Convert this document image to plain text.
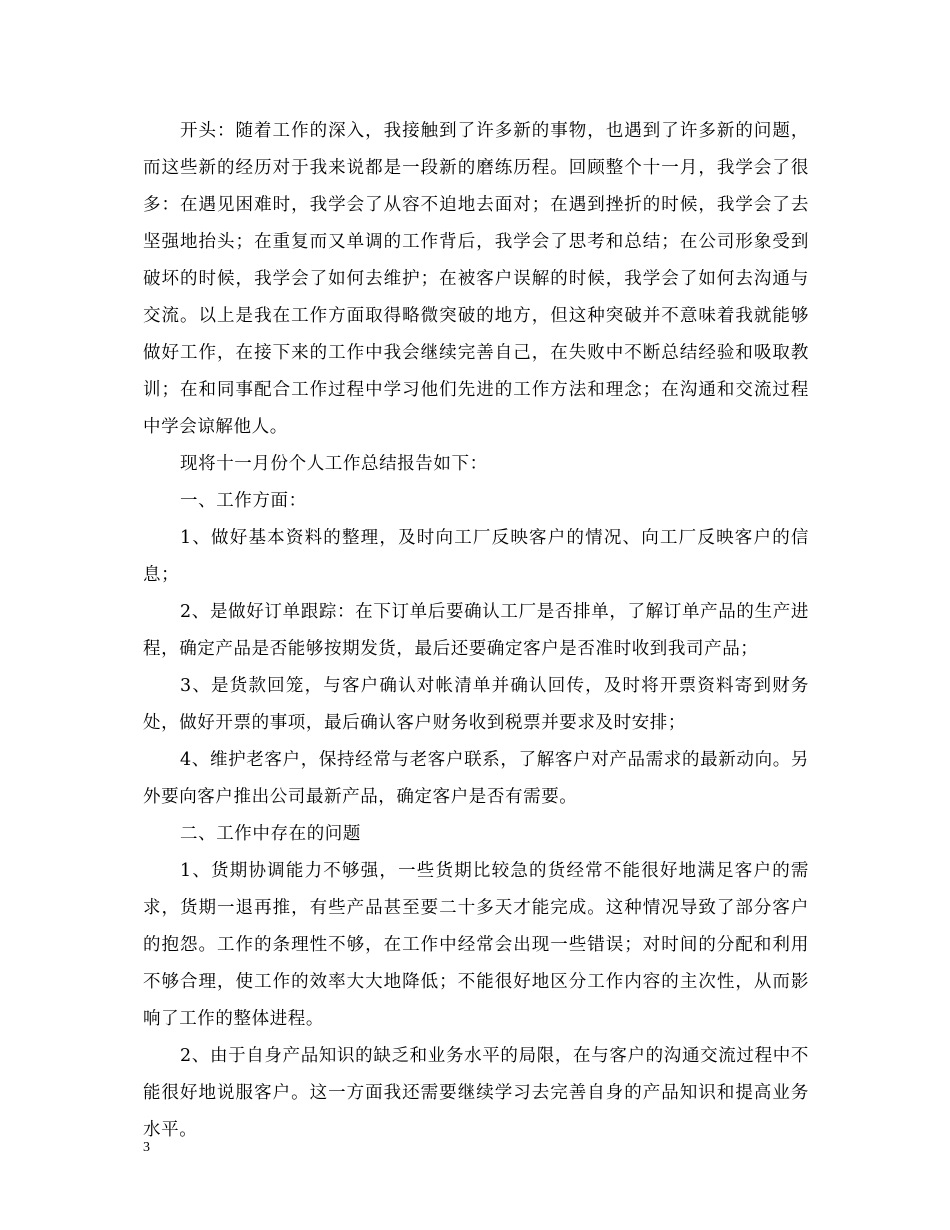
开头：随着工作的深入，我接触到了许多新的事物，也遇到了许多新的问题，而这些新的经历对于我来说都是一段新的磨练历程。回顾整个十一月，我学会了很多：在遇见困难时，我学会了从容不迫地去面对；在遇到挫折的时候，我学会了去坚强地抬头；在重复而又单调的工作背后，我学会了思考和总结；在公司形象受到破坏的时候，我学会了如何去维护；在被客户误解的时候，我学会了如何去沟通与交流。以上是我在工作方面取得略微突破的地方，但这种突破并不意味着我就能够做好工作，在接下来的工作中我会继续完善自己，在失败中不断总结经验和吸取教训；在和同事配合工作过程中学习他们先进的工作方法和理念；在沟通和交流过程中学会谅解他人。

现将十一月份个人工作总结报告如下：

一、工作方面：

1、做好基本资料的整理，及时向工厂反映客户的情况、向工厂反映客户的信息；

2、是做好订单跟踪：在下订单后要确认工厂是否排单，了解订单产品的生产进程，确定产品是否能够按期发货，最后还要确定客户是否准时收到我司产品；

3、是货款回笼，与客户确认对帐清单并确认回传，及时将开票资料寄到财务处，做好开票的事项，最后确认客户财务收到税票并要求及时安排；

4、维护老客户，保持经常与老客户联系，了解客户对产品需求的最新动向。另外要向客户推出公司最新产品，确定客户是否有需要。

二、工作中存在的问题

1、货期协调能力不够强，一些货期比较急的货经常不能很好地满足客户的需求，货期一退再推，有些产品甚至要二十多天才能完成。这种情况导致了部分客户的抱怨。工作的条理性不够，在工作中经常会出现一些错误；对时间的分配和利用不够合理，使工作的效率大大地降低；不能很好地区分工作内容的主次性，从而影响了工作的整体进程。

2、由于自身产品知识的缺乏和业务水平的局限，在与客户的沟通交流过程中不能很好地说服客户。这一方面我还需要继续学习去完善自身的产品知识和提高业务水平。

3
